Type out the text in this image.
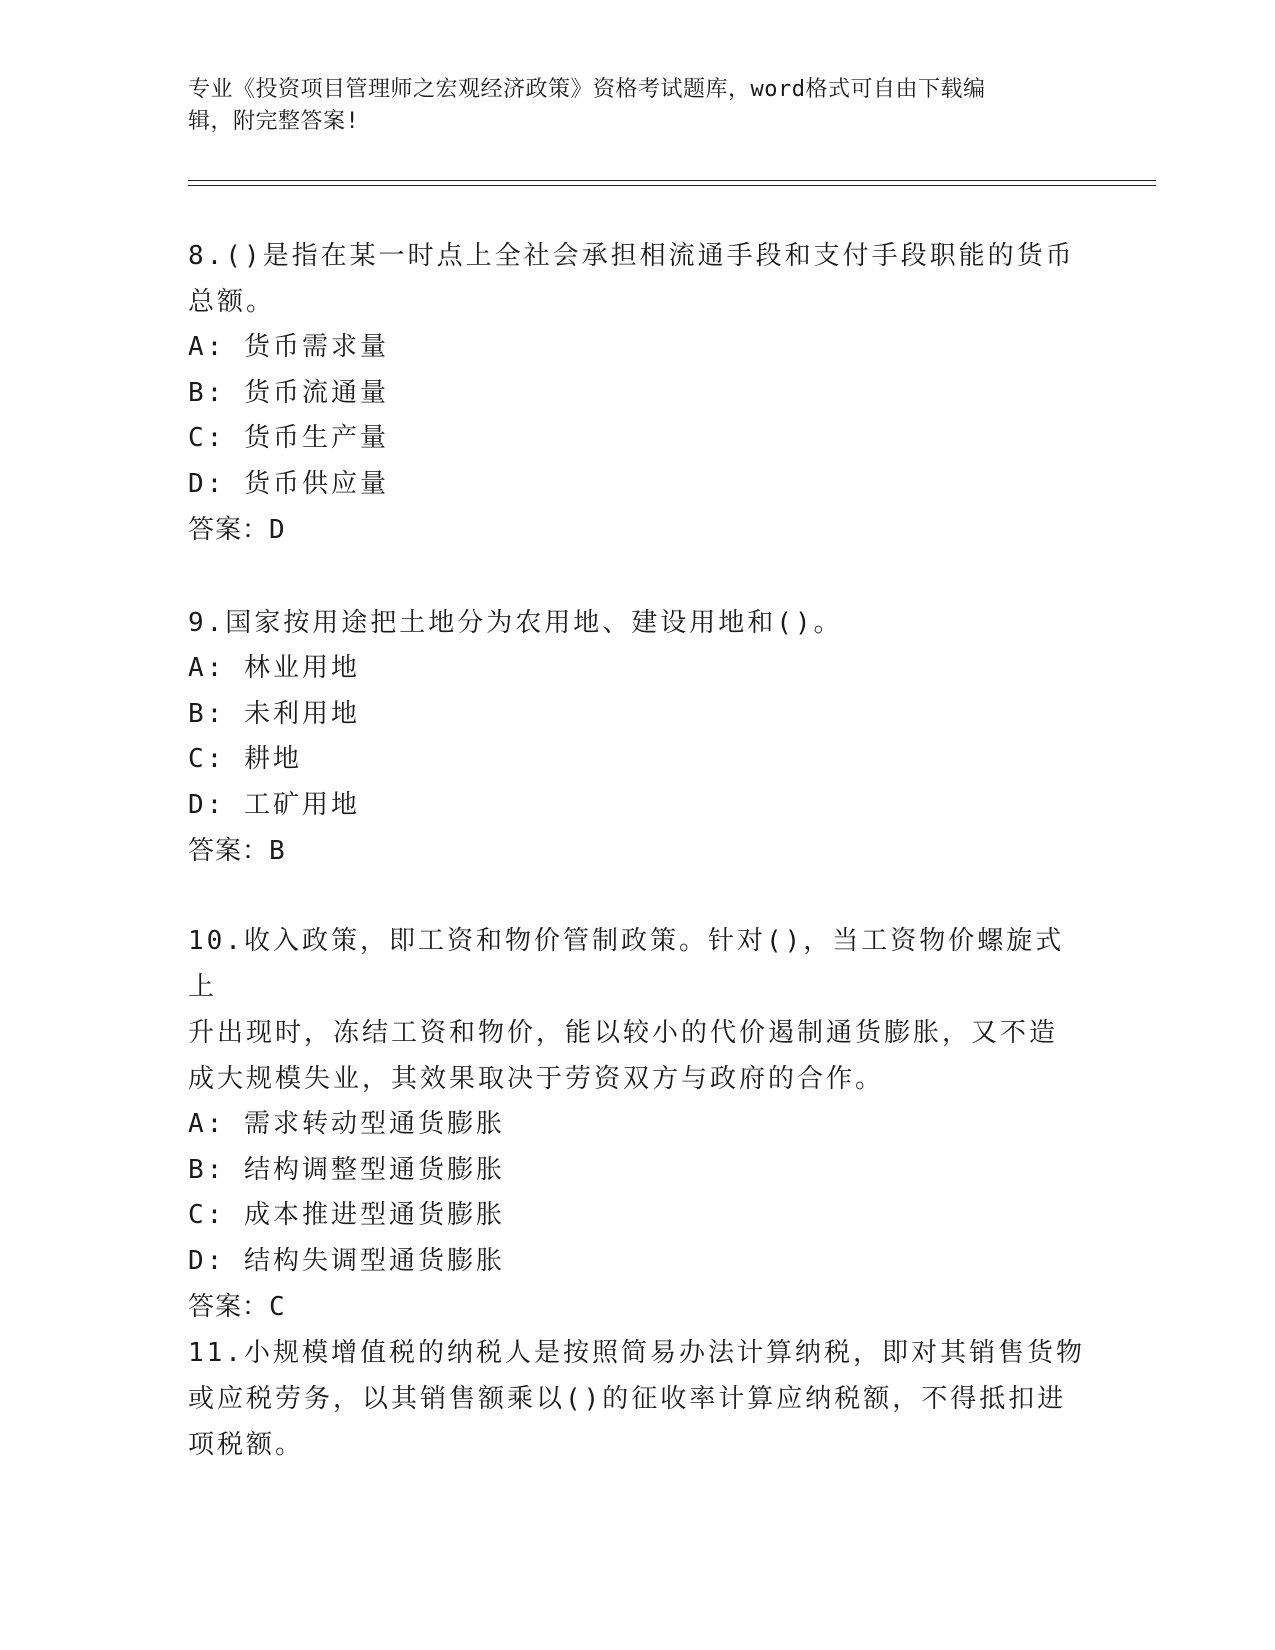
专业《投资项目管理师之宏观经济政策》资格考试题库，word格式可自由下载编
辑，附完整答案!
8.()是指在某一时点上全社会承担相流通手段和支付手段职能的货币
总额。
A: 货币需求量
B: 货币流通量
C: 货币生产量
D: 货币供应量
答案：D
9.国家按用途把土地分为农用地、建设用地和()。
A: 林业用地
B: 未利用地
C: 耕地
D: 工矿用地
答案：B
10.收入政策，即工资和物价管制政策。针对()，当工资物价螺旋式上
升出现时，冻结工资和物价，能以较小的代价遏制通货膨胀，又不造
成大规模失业，其效果取决于劳资双方与政府的合作。
A: 需求转动型通货膨胀
B: 结构调整型通货膨胀
C: 成本推进型通货膨胀
D: 结构失调型通货膨胀
答案：C
11.小规模增值税的纳税人是按照简易办法计算纳税，即对其销售货物
或应税劳务，以其销售额乘以()的征收率计算应纳税额，不得抵扣进
项税额。
